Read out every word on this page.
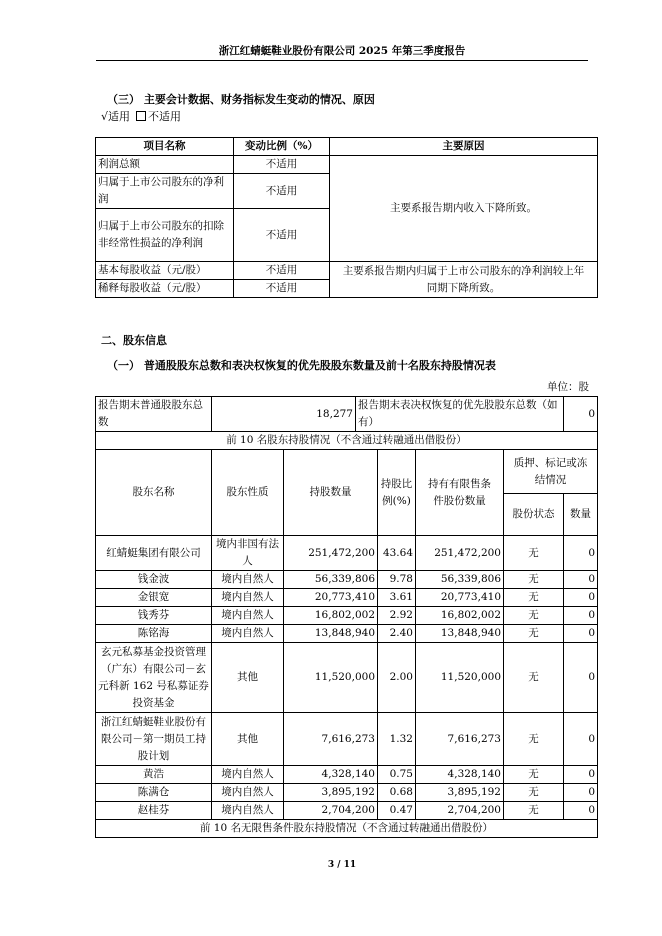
浙江红蜻蜓鞋业股份有限公司 2025 年第三季度报告
（三） 主要会计数据、财务指标发生变动的情况、原因
√适用 不适用
项目名称	变动比例（%）	主要原因
利润总额	不适用	主要系报告期内收入下降所致。
归属于上市公司股东的净利润	不适用	
归属于上市公司股东的扣除非经常性损益的净利润	不适用	
基本每股收益（元/股）	不适用	主要系报告期内归属于上市公司股东的净利润较上年同期下降所致。
稀释每股收益（元/股）	不适用	
二、股东信息
（一） 普通股股东总数和表决权恢复的优先股股东数量及前十名股东持股情况表
单位：股
报告期末普通股股东总数	18,277		报告期末表决权恢复的优先股股东总数（如有）				0
前 10 名股东持股情况（不含通过转融通出借股份）							
股东名称	股东性质	持股数量		持股比例(%)	持有有限售条件股份数量	质押、标记或冻结情况	
						股份状态	数量
红蜻蜓集团有限公司	境内非国有法人	251,472,200		43.64	251,472,200	无	0
钱金波	境内自然人	56,339,806		9.78	56,339,806	无	0
金银宽	境内自然人	20,773,410		3.61	20,773,410	无	0
钱秀芬	境内自然人	16,802,002		2.92	16,802,002	无	0
陈铭海	境内自然人	13,848,940		2.40	13,848,940	无	0
玄元私募基金投资管理（广东）有限公司－玄元科新 162 号私募证券投资基金	其他	11,520,000		2.00	11,520,000	无	0
浙江红蜻蜓鞋业股份有限公司－第一期员工持股计划	其他	7,616,273		1.32	7,616,273	无	0
黄浩	境内自然人	4,328,140		0.75	4,328,140	无	0
陈满仓	境内自然人	3,895,192		0.68	3,895,192	无	0
赵桂芬	境内自然人	2,704,200		0.47	2,704,200	无	0
前 10 名无限售条件股东持股情况（不含通过转融通出借股份）							
3 / 11
